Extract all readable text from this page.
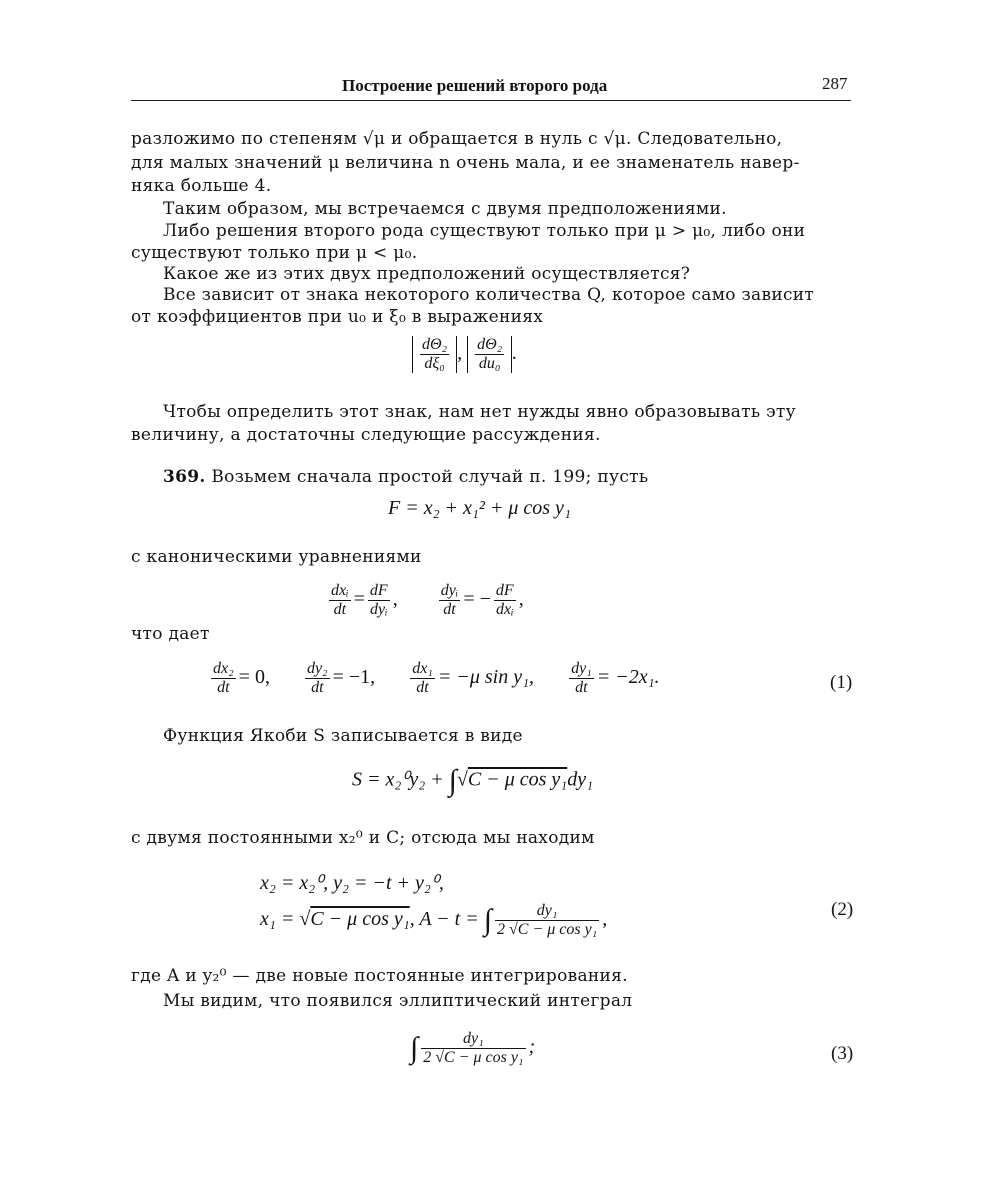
Построение решений второго рода	287
разложимо по степеням √μ и обращается в нуль с √μ. Следовательно,
для малых значений μ величина n очень мала, и ее знаменатель навер-
няка больше 4.
Таким образом, мы встречаемся с двумя предположениями.
Либо решения второго рода существуют только при μ > μ₀, либо они
существуют только при μ < μ₀.
Какое же из этих двух предположений осуществляется?
Все зависит от знака некоторого количества Q, которое само зависит
от коэффициентов при u₀ и ξ₀ в выражениях
$\frac{\text{dΘ₂}}{\text{dξ₀}}$ , $\frac{\text{dΘ₂}}{\text{du₀}}$ .
Чтобы определить этот знак, нам нет нужды явно образовывать эту
величину, а достаточны следующие рассуждения.
369. Возьмем сначала простой случай п. 199; пусть
F = x₂ + x₁² + μ cos y₁
с каноническими уравнениями
$\frac{\text{dxᵢ}}{dt} = \frac{dF}{\text{dyᵢ}}$ ,	$\frac{\text{dyᵢ}}{dt}$ = − $\frac{dF}{\text{dxᵢ}}$ ,
что дает
$\frac{\text{dx₂}}{dt} = 0$, $\frac{\text{dy₂}}{dt} = -1$, $\frac{\text{dx₁}}{dt} = -\mu$ sin y₁, $\frac{\text{dy₁}}{dt} = -2x_1$.	(1)
Функция Якоби S записывается в виде
S = x₂⁰y₂ + ∫√C − μ cos y₁dy₁
с двумя постоянными x₂⁰ и C; отсюда мы находим
x₂ = x₂⁰, y₂ = −t + y₂⁰,
x₁ = √C − μ cos y₁, A − t = ∫ $\frac{\text{dy₁}}{\text{2 √C − μ cos y₁}}$ ,	(2)
где A и y₂⁰ — две новые постоянные интегрирования.
Мы видим, что появился эллиптический интеграл
∫ $\frac{\text{dy₁}}{\text{2 √C − μ cos y₁}}$ ;	(3)
